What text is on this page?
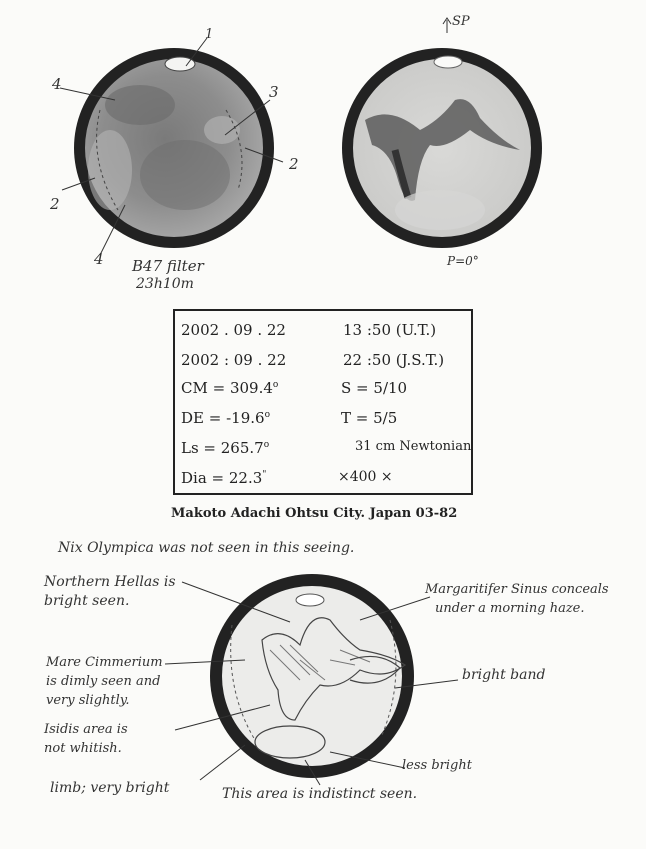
1
3
4
2
2
4 B47 filter
23h10m
SP
P=0°
2002 . 09 . 22	13 :50 (U.T.)
2002 : 09 . 22	22 :50 (J.S.T.)
CM = $309.4^o$
DE = $-19.6^o$
$Ls = 265.7^o$
Dia = 22.3"
S = 5/10
T = 5/5
31 cm Newtonian
×400 ×
Makoto Adachi Ohtsu City. Japan 03-82
Nix Olympica was not seen in this seeing.
Northern Hellas is
bright seen.
Margaritifer Sinus conceals
under a morning haze.
Mare Cimmerium
is dimly seen and
very slightly.
Isidis area is
not whitish.
limb; very bright
bright band
less bright
This area is indistinct seen.
